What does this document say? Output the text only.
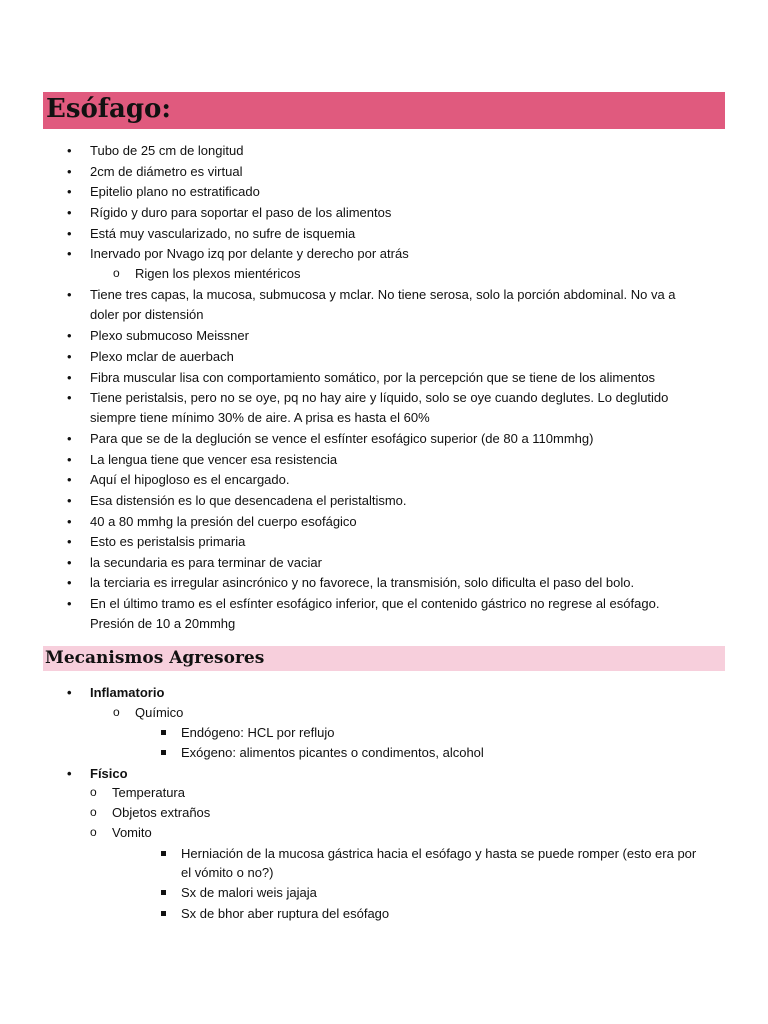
Esófago:
• Tubo de 25 cm de longitud
• 2cm de diámetro es virtual
• Epitelio plano no estratificado
• Rígido y duro para soportar el paso de los alimentos
• Está muy vascularizado, no sufre de isquemia
• Inervado por Nvago izq por delante y derecho por atrás
o Rigen los plexos mientéricos
• Tiene tres capas, la mucosa, submucosa y mclar. No tiene serosa, solo la porción abdominal. No va a
doler por distensión
• Plexo submucoso Meissner
• Plexo mclar de auerbach
• Fibra muscular lisa con comportamiento somático, por la percepción que se tiene de los alimentos
• Tiene peristalsis, pero no se oye, pq no hay aire y líquido, solo se oye cuando deglutes. Lo deglutido
siempre tiene mínimo 30% de aire. A prisa es hasta el 60%
• Para que se de la deglución se vence el esfínter esofágico superior (de 80 a 110mmhg)
• La lengua tiene que vencer esa resistencia
• Aquí el hipogloso es el encargado.
• Esa distensión es lo que desencadena el peristaltismo.
• 40 a 80 mmhg la presión del cuerpo esofágico
• Esto es peristalsis primaria
• la secundaria es para terminar de vaciar
• la terciaria es irregular asincrónico y no favorece, la transmisión, solo dificulta el paso del bolo.
• En el último tramo es el esfínter esofágico inferior, que el contenido gástrico no regrese al esófago.
Presión de 10 a 20mmhg
Mecanismos Agresores
• Inflamatorio
o Químico
Endógeno: HCL por reflujo
Exógeno: alimentos picantes o condimentos, alcohol
• Físico
o Temperatura
o Objetos extraños
o Vomito
Herniación de la mucosa gástrica hacia el esófago y hasta se puede romper (esto era por
el vómito o no?)
Sx de malori weis jajaja
Sx de bhor aber ruptura del esófago
